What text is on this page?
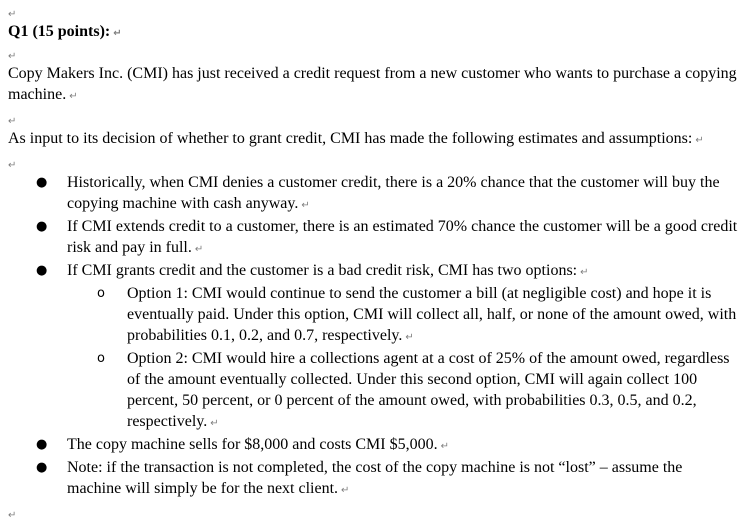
↵
Q1 (15 points): ↵
↵

Copy Makers Inc. (CMI) has just received a credit request from a new customer who wants to purchase a copying machine. ↵

↵

As input to its decision of whether to grant credit, CMI has made the following estimates and assumptions: ↵

↵
● Historically, when CMI denies a customer credit, there is a 20% chance that the customer will buy the copying machine with cash anyway. ↵
● If CMI extends credit to a customer, there is an estimated 70% chance the customer will be a good credit risk and pay in full. ↵
● If CMI grants credit and the customer is a bad credit risk, CMI has two options: ↵
o Option 1: CMI would continue to send the customer a bill (at negligible cost) and hope it is eventually paid. Under this option, CMI will collect all, half, or none of the amount owed, with probabilities 0.1, 0.2, and 0.7, respectively. ↵
o Option 2: CMI would hire a collections agent at a cost of 25% of the amount owed, regardless of the amount eventually collected. Under this second option, CMI will again collect 100 percent, 50 percent, or 0 percent of the amount owed, with probabilities 0.3, 0.5, and 0.2, respectively. ↵
● The copy machine sells for $8,000 and costs CMI $5,000. ↵
● Note: if the transaction is not completed, the cost of the copy machine is not “lost” – assume the machine will simply be for the next client. ↵
↵
